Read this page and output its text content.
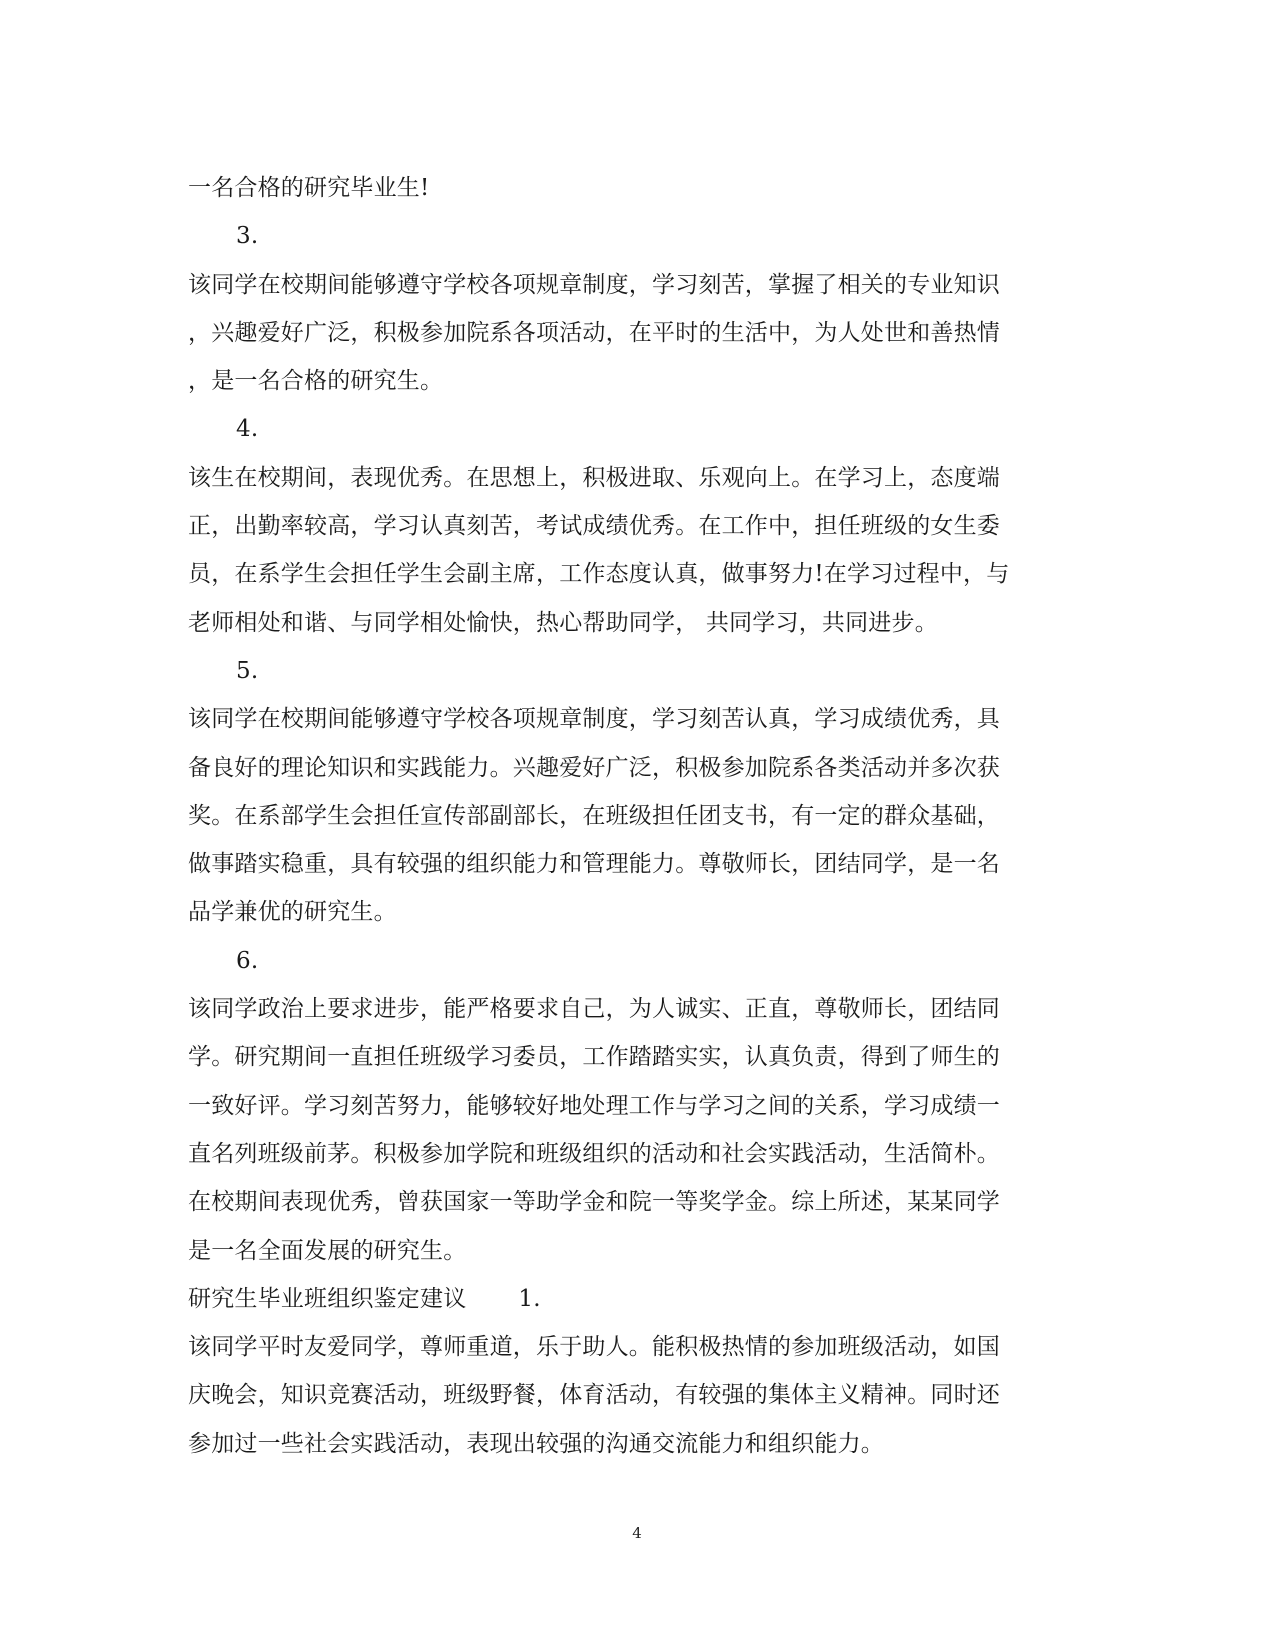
一名合格的研究毕业生!
3.
该同学在校期间能够遵守学校各项规章制度，学习刻苦，掌握了相关的专业知识
，兴趣爱好广泛，积极参加院系各项活动，在平时的生活中，为人处世和善热情
，是一名合格的研究生。
4.
该生在校期间，表现优秀。在思想上，积极进取、乐观向上。在学习上，态度端
正，出勤率较高，学习认真刻苦，考试成绩优秀。在工作中，担任班级的女生委
员，在系学生会担任学生会副主席，工作态度认真，做事努力!在学习过程中，与
老师相处和谐、与同学相处愉快，热心帮助同学， 共同学习，共同进步。
5.
该同学在校期间能够遵守学校各项规章制度，学习刻苦认真，学习成绩优秀，具
备良好的理论知识和实践能力。兴趣爱好广泛，积极参加院系各类活动并多次获
奖。在系部学生会担任宣传部副部长，在班级担任团支书，有一定的群众基础，
做事踏实稳重，具有较强的组织能力和管理能力。尊敬师长，团结同学，是一名
品学兼优的研究生。
6.
该同学政治上要求进步，能严格要求自己，为人诚实、正直，尊敬师长，团结同
学。研究期间一直担任班级学习委员，工作踏踏实实，认真负责，得到了师生的
一致好评。学习刻苦努力，能够较好地处理工作与学习之间的关系，学习成绩一
直名列班级前茅。积极参加学院和班级组织的活动和社会实践活动，生活简朴。
在校期间表现优秀，曾获国家一等助学金和院一等奖学金。综上所述，某某同学
是一名全面发展的研究生。
研究生毕业班组织鉴定建议 1.
该同学平时友爱同学，尊师重道，乐于助人。能积极热情的参加班级活动，如国
庆晚会，知识竞赛活动，班级野餐，体育活动，有较强的集体主义精神。同时还
参加过一些社会实践活动，表现出较强的沟通交流能力和组织能力。
4
